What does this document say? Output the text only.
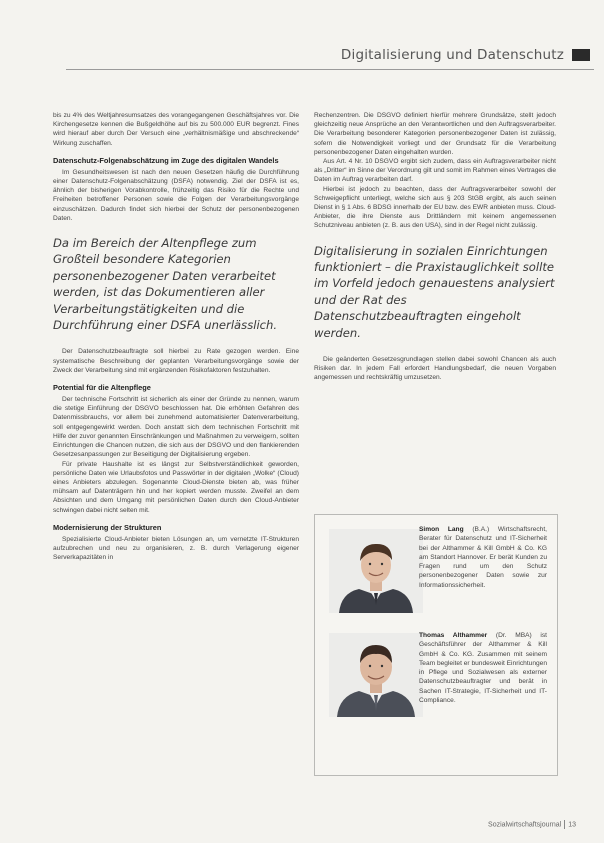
Digitalisierung und Datenschutz

bis zu 4% des Weltjahresumsatzes des vorangegangenen Geschäftsjahres vor. Die Kirchengesetze kennen die Bußgeldhöhe auf bis zu 500.000 EUR begrenzt. Fines wird hierauf aber durch Der Versuch eine „verhältnismäßige und abschreckende“ Wirkung zuschaffen.

Datenschutz-Folgenabschätzung im Zuge des digitalen Wandels

Im Gesundheitswesen ist nach den neuen Gesetzen häufig die Durchführung einer Datenschutz-Folgenabschätzung (DSFA) notwendig. Ziel der DSFA ist es, ähnlich der bisherigen Vorabkontrolle, frühzeitig das Risiko für die Rechte und Freiheiten betroffener Personen sowie die Folgen der Verarbeitungsvorgänge einzuschätzen. Dadurch findet sich hierbei der Schutz der personenbezogenen Daten.

Da im Bereich der Altenpflege zum Großteil besondere Kategorien personenbezogener Daten verarbeitet werden, ist das Dokumentieren aller Verarbeitungstätigkeiten und die Durchführung einer DSFA unerlässlich.

Der Datenschutzbeauftragte soll hierbei zu Rate gezogen werden. Eine systematische Beschreibung der geplanten Verarbeitungsvorgänge sowie der Zweck der Verarbeitung sind mit ergänzenden Risikofaktoren festzuhalten.

Potential für die Altenpflege

Der technische Fortschritt ist sicherlich als einer der Gründe zu nennen, warum die stetige Einführung der DSGVO beschlossen hat. Die erhöhten Gefahren des Datenmissbrauchs, vor allem bei zunehmend automatisierter Datenverarbeitung, soll entgegengewirkt werden. Doch anstatt sich dem technischen Fortschritt mit Hilfe der zuvor genannten Einschränkungen und Maßnahmen zu verweigern, sollten Einrichtungen die Chancen nutzen, die sich aus der DSGVO und den flankierenden Gesetzesanpassungen zur Beseitigung der Digitalisierung ergeben.

Für private Haushalte ist es längst zur Selbstverständlichkeit geworden, persönliche Daten wie Urlaubsfotos und Passwörter in der digitalen „Wolke“ (Cloud) eines Anbieters abzulegen. Sogenannte Cloud-Dienste bieten ab, was früher mühsam auf Datenträgern hin und her kopiert werden musste. Zweifel an dem Absichten und dem Umgang mit persönlichen Daten durch den Cloud-Anbieter schwingen dabei nicht selten mit.

Modernisierung der Strukturen

Spezialisierte Cloud-Anbieter bieten Lösungen an, um vernetzte IT-Strukturen aufzubrechen und neu zu organisieren, z. B. durch Verlagerung eigener Serverkapazitäten in

Rechenzentren. Die DSGVO definiert hierfür mehrere Grundsätze, stellt jedoch gleichzeitig neue Ansprüche an den Verantwortlichen und den Auftragsverarbeiter. Die Verarbeitung besonderer Kategorien personenbezogener Daten ist zulässig, sofern die Notwendigkeit vorliegt und der Grundsatz für die Verarbeitung personenbezogener Daten eingehalten wurden.

Aus Art. 4 Nr. 10 DSGVO ergibt sich zudem, dass ein Auftragsverarbeiter nicht als „Dritter“ im Sinne der Verordnung gilt und somit im Rahmen eines Vertrages die Daten im Auftrag verarbeiten darf.

Hierbei ist jedoch zu beachten, dass der Auftragsverarbeiter sowohl der Schweigepflicht unterliegt, welche sich aus § 203 StGB ergibt, als auch seinen Dienst in § 1 Abs. 6 BDSG innerhalb der EU bzw. des EWR anbieten muss. Cloud-Anbieter, die ihre Dienste aus Drittländern mit keinem angemessenen Schutzniveau anbieten (z. B. aus den USA), sind in der Regel nicht zulässig.

Digitalisierung in sozialen Einrichtungen funktioniert – die Praxistauglichkeit sollte im Vorfeld jedoch genauestens analysiert und der Rat des Datenschutzbeauftragten eingeholt werden.

Die geänderten Gesetzesgrundlagen stellen dabei sowohl Chancen als auch Risiken dar. In jedem Fall erfordert Handlungsbedarf, die neuen Vorgaben angemessen und rechtskräftig umzusetzen.

Simon Lang (B.A.) Wirtschaftsrecht, Berater für Datenschutz und IT-Sicherheit bei der Althammer & Kill GmbH & Co. KG am Standort Hannover. Er berät Kunden zu Fragen rund um den Schutz personenbezogener Daten sowie zur Informationssicherheit.
Thomas Althammer (Dr. MBA) ist Geschäftsführer der Althammer & Kill GmbH & Co. KG. Zusammen mit seinem Team begleitet er bundesweit Einrichtungen in Pflege und Sozialwesen als externer Datenschutzbeauftragter und berät in Sachen IT-Strategie, IT-Sicherheit und IT-Compliance.
Sozialwirtschaftsjournal 13
